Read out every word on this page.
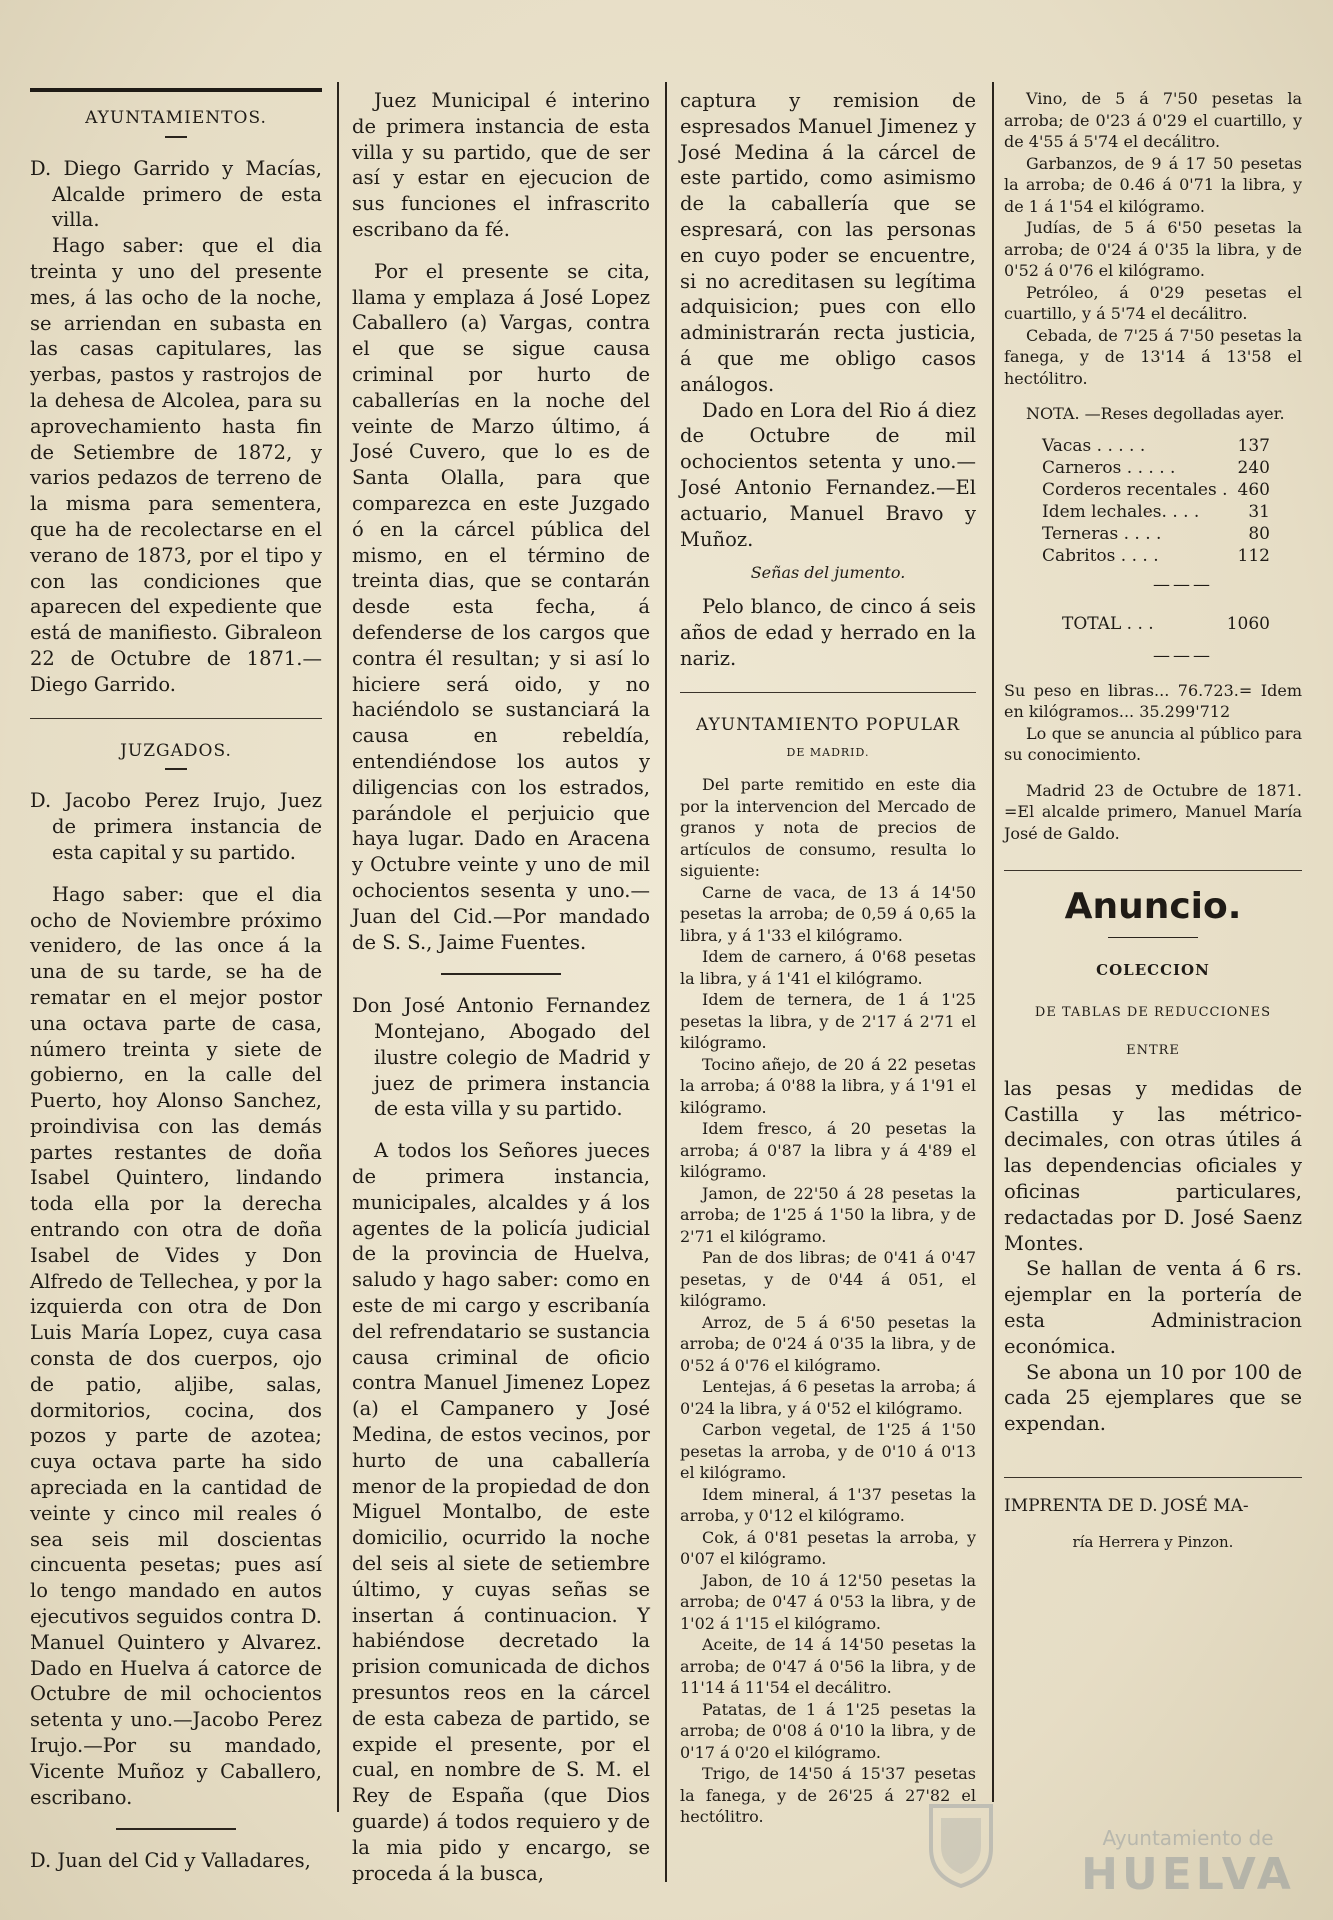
AYUNTAMIENTOS.

D. Diego Garrido y Macías, Alcalde primero de esta villa.

Hago saber: que el dia treinta y uno del presente mes, á las ocho de la noche, se arriendan en subasta en las casas capitulares, las yerbas, pastos y rastrojos de la dehesa de Alcolea, para su aprovechamiento hasta fin de Setiembre de 1872, y varios pedazos de terreno de la misma para sementera, que ha de recolectarse en el verano de 1873, por el tipo y con las condiciones que aparecen del expediente que está de manifiesto. Gibraleon 22 de Octubre de 1871.—Diego Garrido.

JUZGADOS.

D. Jacobo Perez Irujo, Juez de primera instancia de esta capital y su partido.

Hago saber: que el dia ocho de Noviembre próximo venidero, de las once á la una de su tarde, se ha de rematar en el mejor postor una octava parte de casa, número treinta y siete de gobierno, en la calle del Puerto, hoy Alonso Sanchez, proindivisa con las demás partes restantes de doña Isabel Quintero, lindando toda ella por la derecha entrando con otra de doña Isabel de Vides y Don Alfredo de Tellechea, y por la izquierda con otra de Don Luis María Lopez, cuya casa consta de dos cuerpos, ojo de patio, aljibe, salas, dormitorios, cocina, dos pozos y parte de azotea; cuya octava parte ha sido apreciada en la cantidad de veinte y cinco mil reales ó sea seis mil doscientas cincuenta pesetas; pues así lo tengo mandado en autos ejecutivos seguidos contra D. Manuel Quintero y Alvarez. Dado en Huelva á catorce de Octubre de mil ochocientos setenta y uno.—Jacobo Perez Irujo.—Por su mandado, Vicente Muñoz y Caballero, escribano.

D. Juan del Cid y Valladares,

Juez Municipal é interino de primera instancia de esta villa y su partido, que de ser así y estar en ejecucion de sus funciones el infrascrito escribano da fé.

Por el presente se cita, llama y emplaza á José Lopez Caballero (a) Vargas, contra el que se sigue causa criminal por hurto de caballerías en la noche del veinte de Marzo último, á José Cuvero, que lo es de Santa Olalla, para que comparezca en este Juzgado ó en la cárcel pública del mismo, en el término de treinta dias, que se contarán desde esta fecha, á defenderse de los cargos que contra él resultan; y si así lo hiciere será oido, y no haciéndolo se sustanciará la causa en rebeldía, entendiéndose los autos y diligencias con los estrados, parándole el perjuicio que haya lugar. Dado en Aracena y Octubre veinte y uno de mil ochocientos sesenta y uno.—Juan del Cid.—Por mandado de S. S., Jaime Fuentes.

Don José Antonio Fernandez Montejano, Abogado del ilustre colegio de Madrid y juez de primera instancia de esta villa y su partido.

A todos los Señores jueces de primera instancia, municipales, alcaldes y á los agentes de la policía judicial de la provincia de Huelva, saludo y hago saber: como en este de mi cargo y escribanía del refrendatario se sustancia causa criminal de oficio contra Manuel Jimenez Lopez (a) el Campanero y José Medina, de estos vecinos, por hurto de una caballería menor de la propiedad de don Miguel Montalbo, de este domicilio, ocurrido la noche del seis al siete de setiembre último, y cuyas señas se insertan á continuacion. Y habiéndose decretado la prision comunicada de dichos presuntos reos en la cárcel de esta cabeza de partido, se expide el presente, por el cual, en nombre de S. M. el Rey de España (que Dios guarde) á todos requiero y de la mia pido y encargo, se proceda á la busca,

captura y remision de espresados Manuel Jimenez y José Medina á la cárcel de este partido, como asimismo de la caballería que se espresará, con las personas en cuyo poder se encuentre, si no acreditasen su legítima adquisicion; pues con ello administrarán recta justicia, á que me obligo casos análogos.

Dado en Lora del Rio á diez de Octubre de mil ochocientos setenta y uno.—José Antonio Fernandez.—El actuario, Manuel Bravo y Muñoz.

Señas del jumento.

Pelo blanco, de cinco á seis años de edad y herrado en la nariz.

AYUNTAMIENTO POPULAR
DE MADRID.

Del parte remitido en este dia por la intervencion del Mercado de granos y nota de precios de artículos de consumo, resulta lo siguiente:

Carne de vaca, de 13 á 14'50 pesetas la arroba; de 0,59 á 0,65 la libra, y á 1'33 el kilógramo.

Idem de carnero, á 0'68 pesetas la libra, y á 1'41 el kilógramo.

Idem de ternera, de 1 á 1'25 pesetas la libra, y de 2'17 á 2'71 el kilógramo.

Tocino añejo, de 20 á 22 pesetas la arroba; á 0'88 la libra, y á 1'91 el kilógramo.

Idem fresco, á 20 pesetas la arroba; á 0'87 la libra y á 4'89 el kilógramo.

Jamon, de 22'50 á 28 pesetas la arroba; de 1'25 á 1'50 la libra, y de 2'71 el kilógramo.

Pan de dos libras; de 0'41 á 0'47 pesetas, y de 0'44 á 051, el kilógramo.

Arroz, de 5 á 6'50 pesetas la arroba; de 0'24 á 0'35 la libra, y de 0'52 á 0'76 el kilógramo.

Lentejas, á 6 pesetas la arroba; á 0'24 la libra, y á 0'52 el kilógramo.

Carbon vegetal, de 1'25 á 1'50 pesetas la arroba, y de 0'10 á 0'13 el kilógramo.

Idem mineral, á 1'37 pesetas la arroba, y 0'12 el kilógramo.

Cok, á 0'81 pesetas la arroba, y 0'07 el kilógramo.

Jabon, de 10 á 12'50 pesetas la arroba; de 0'47 á 0'53 la libra, y de 1'02 á 1'15 el kilógramo.

Aceite, de 14 á 14'50 pesetas la arroba; de 0'47 á 0'56 la libra, y de 11'14 á 11'54 el decálitro.

Patatas, de 1 á 1'25 pesetas la arroba; de 0'08 á 0'10 la libra, y de 0'17 á 0'20 el kilógramo.

Trigo, de 14'50 á 15'37 pesetas la fanega, y de 26'25 á 27'82 el hectólitro.

Vino, de 5 á 7'50 pesetas la arroba; de 0'23 á 0'29 el cuartillo, y de 4'55 á 5'74 el decálitro.

Garbanzos, de 9 á 17 50 pesetas la arroba; de 0.46 á 0'71 la libra, y de 1 á 1'54 el kilógramo.

Judías, de 5 á 6'50 pesetas la arroba; de 0'24 á 0'35 la libra, y de 0'52 á 0'76 el kilógramo.

Petróleo, á 0'29 pesetas el cuartillo, y á 5'74 el decálitro.

Cebada, de 7'25 á 7'50 pesetas la fanega, y de 13'14 á 13'58 el hectólitro.

NOTA. —Reses degolladas ayer.

Vacas . . . . .	137
Carneros . . . . .	240
Corderos recentales . 460
Idem lechales. . . .	31
Terneras . . . .	80
Cabritos . . . .	112
———
TOTAL . . .	1060
———

Su peso en libras... 76.723.= Idem en kilógramos... 35.299'712

Lo que se anuncia al público para su conocimiento.

Madrid 23 de Octubre de 1871. =El alcalde primero, Manuel María José de Galdo.

Anuncio.
COLECCION
DE TABLAS DE REDUCCIONES
ENTRE

las pesas y medidas de Castilla y las métrico-decimales, con otras útiles á las dependencias oficiales y oficinas particulares, redactadas por D. José Saenz Montes.

Se hallan de venta á 6 rs. ejemplar en la portería de esta Administracion económica.

Se abona un 10 por 100 de cada 25 ejemplares que se expendan.

IMPRENTA DE D. JOSÉ MA-
ría Herrera y Pinzon.
Ayuntamiento de
HUELVA
